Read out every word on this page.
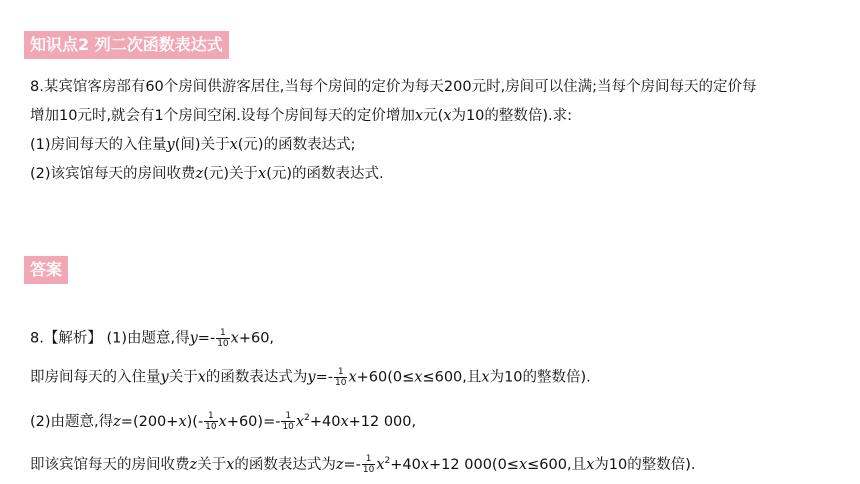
知识点2 列二次函数表达式
8.某宾馆客房部有60个房间供游客居住,当每个房间的定价为每天200元时,房间可以住满;当每个房间每天的定价每
增加10元时,就会有1个房间空闲.设每个房间每天的定价增加x元(x为10的整数倍).求:
(1)房间每天的入住量y(间)关于x(元)的函数表达式;
(2)该宾馆每天的房间收费z(元)关于x(元)的函数表达式.
答案
8.【解析】 (1)由题意,得$y=- \frac{1}{10} x+60$,
即房间每天的入住量y关于x的函数表达式为$y=- \frac{1}{10} x+60(0\le x\le 600$,且x为10的整数倍).
(2)由题意,得$z=(200+x)(- \frac{1}{10} x+60)=- \frac{1}{10} x^2+40x+12$ 000,
即该宾馆每天的房间收费z关于x的函数表达式为$z=- \frac{1}{10} x^2+40x+12$ 000(0≤x≤600,且x为10的整数倍).
